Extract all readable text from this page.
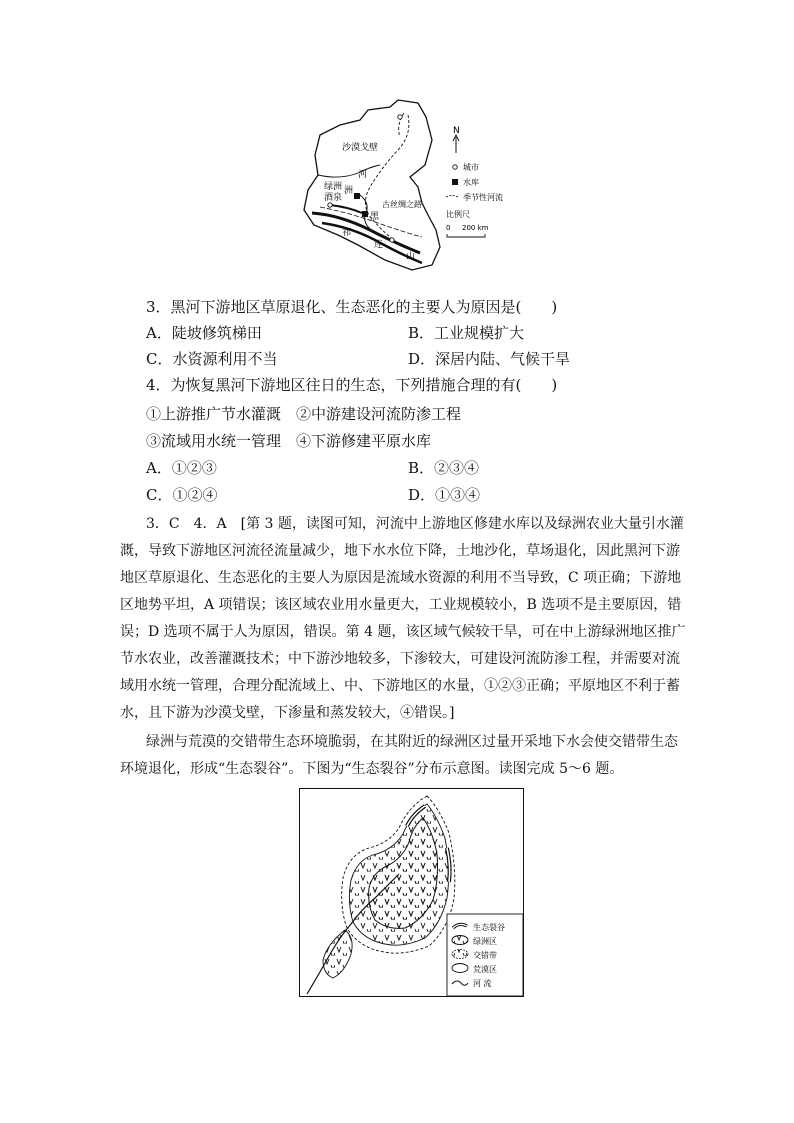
沙漠戈壁
河
洲
绿洲
酒泉
黑
古丝绸之路
祁
连
山
N
城市
水库
季节性河流
比例尺
0 200 km
3．黑河下游地区草原退化、生态恶化的主要人为原因是(　　)
A．陡坡修筑梯田	B．工业规模扩大
C．水资源利用不当	D．深居内陆、气候干旱
4．为恢复黑河下游地区往日的生态，下列措施合理的有(　　)
①上游推广节水灌溉　②中游建设河流防渗工程
③流域用水统一管理　④下游修建平原水库
A．①②③	B．②③④
C．①②④	D．①③④
3．C　4．A　[第 3 题，读图可知，河流中上游地区修建水库以及绿洲农业大量引水灌
溉，导致下游地区河流径流量减少，地下水水位下降，土地沙化，草场退化，因此黑河下游
地区草原退化、生态恶化的主要人为原因是流域水资源的利用不当导致，C 项正确；下游地
区地势平坦，A 项错误；该区域农业用水量更大，工业规模较小，B 选项不是主要原因，错
误；D 选项不属于人为原因，错误。第 4 题，该区域气候较干旱，可在中上游绿洲地区推广
节水农业，改善灌溉技术；中下游沙地较多，下渗较大，可建设河流防渗工程，并需要对流
域用水统一管理，合理分配流域上、中、下游地区的水量，①②③正确；平原地区不利于蓄
水，且下游为沙漠戈壁，下渗量和蒸发较大，④错误。]
绿洲与荒漠的交错带生态环境脆弱，在其附近的绿洲区过量开采地下水会使交错带生态
环境退化，形成“生态裂谷”。下图为“生态裂谷”分布示意图。读图完成 5～6 题。
生态裂谷
绿洲区
交错带
荒漠区
河 流
